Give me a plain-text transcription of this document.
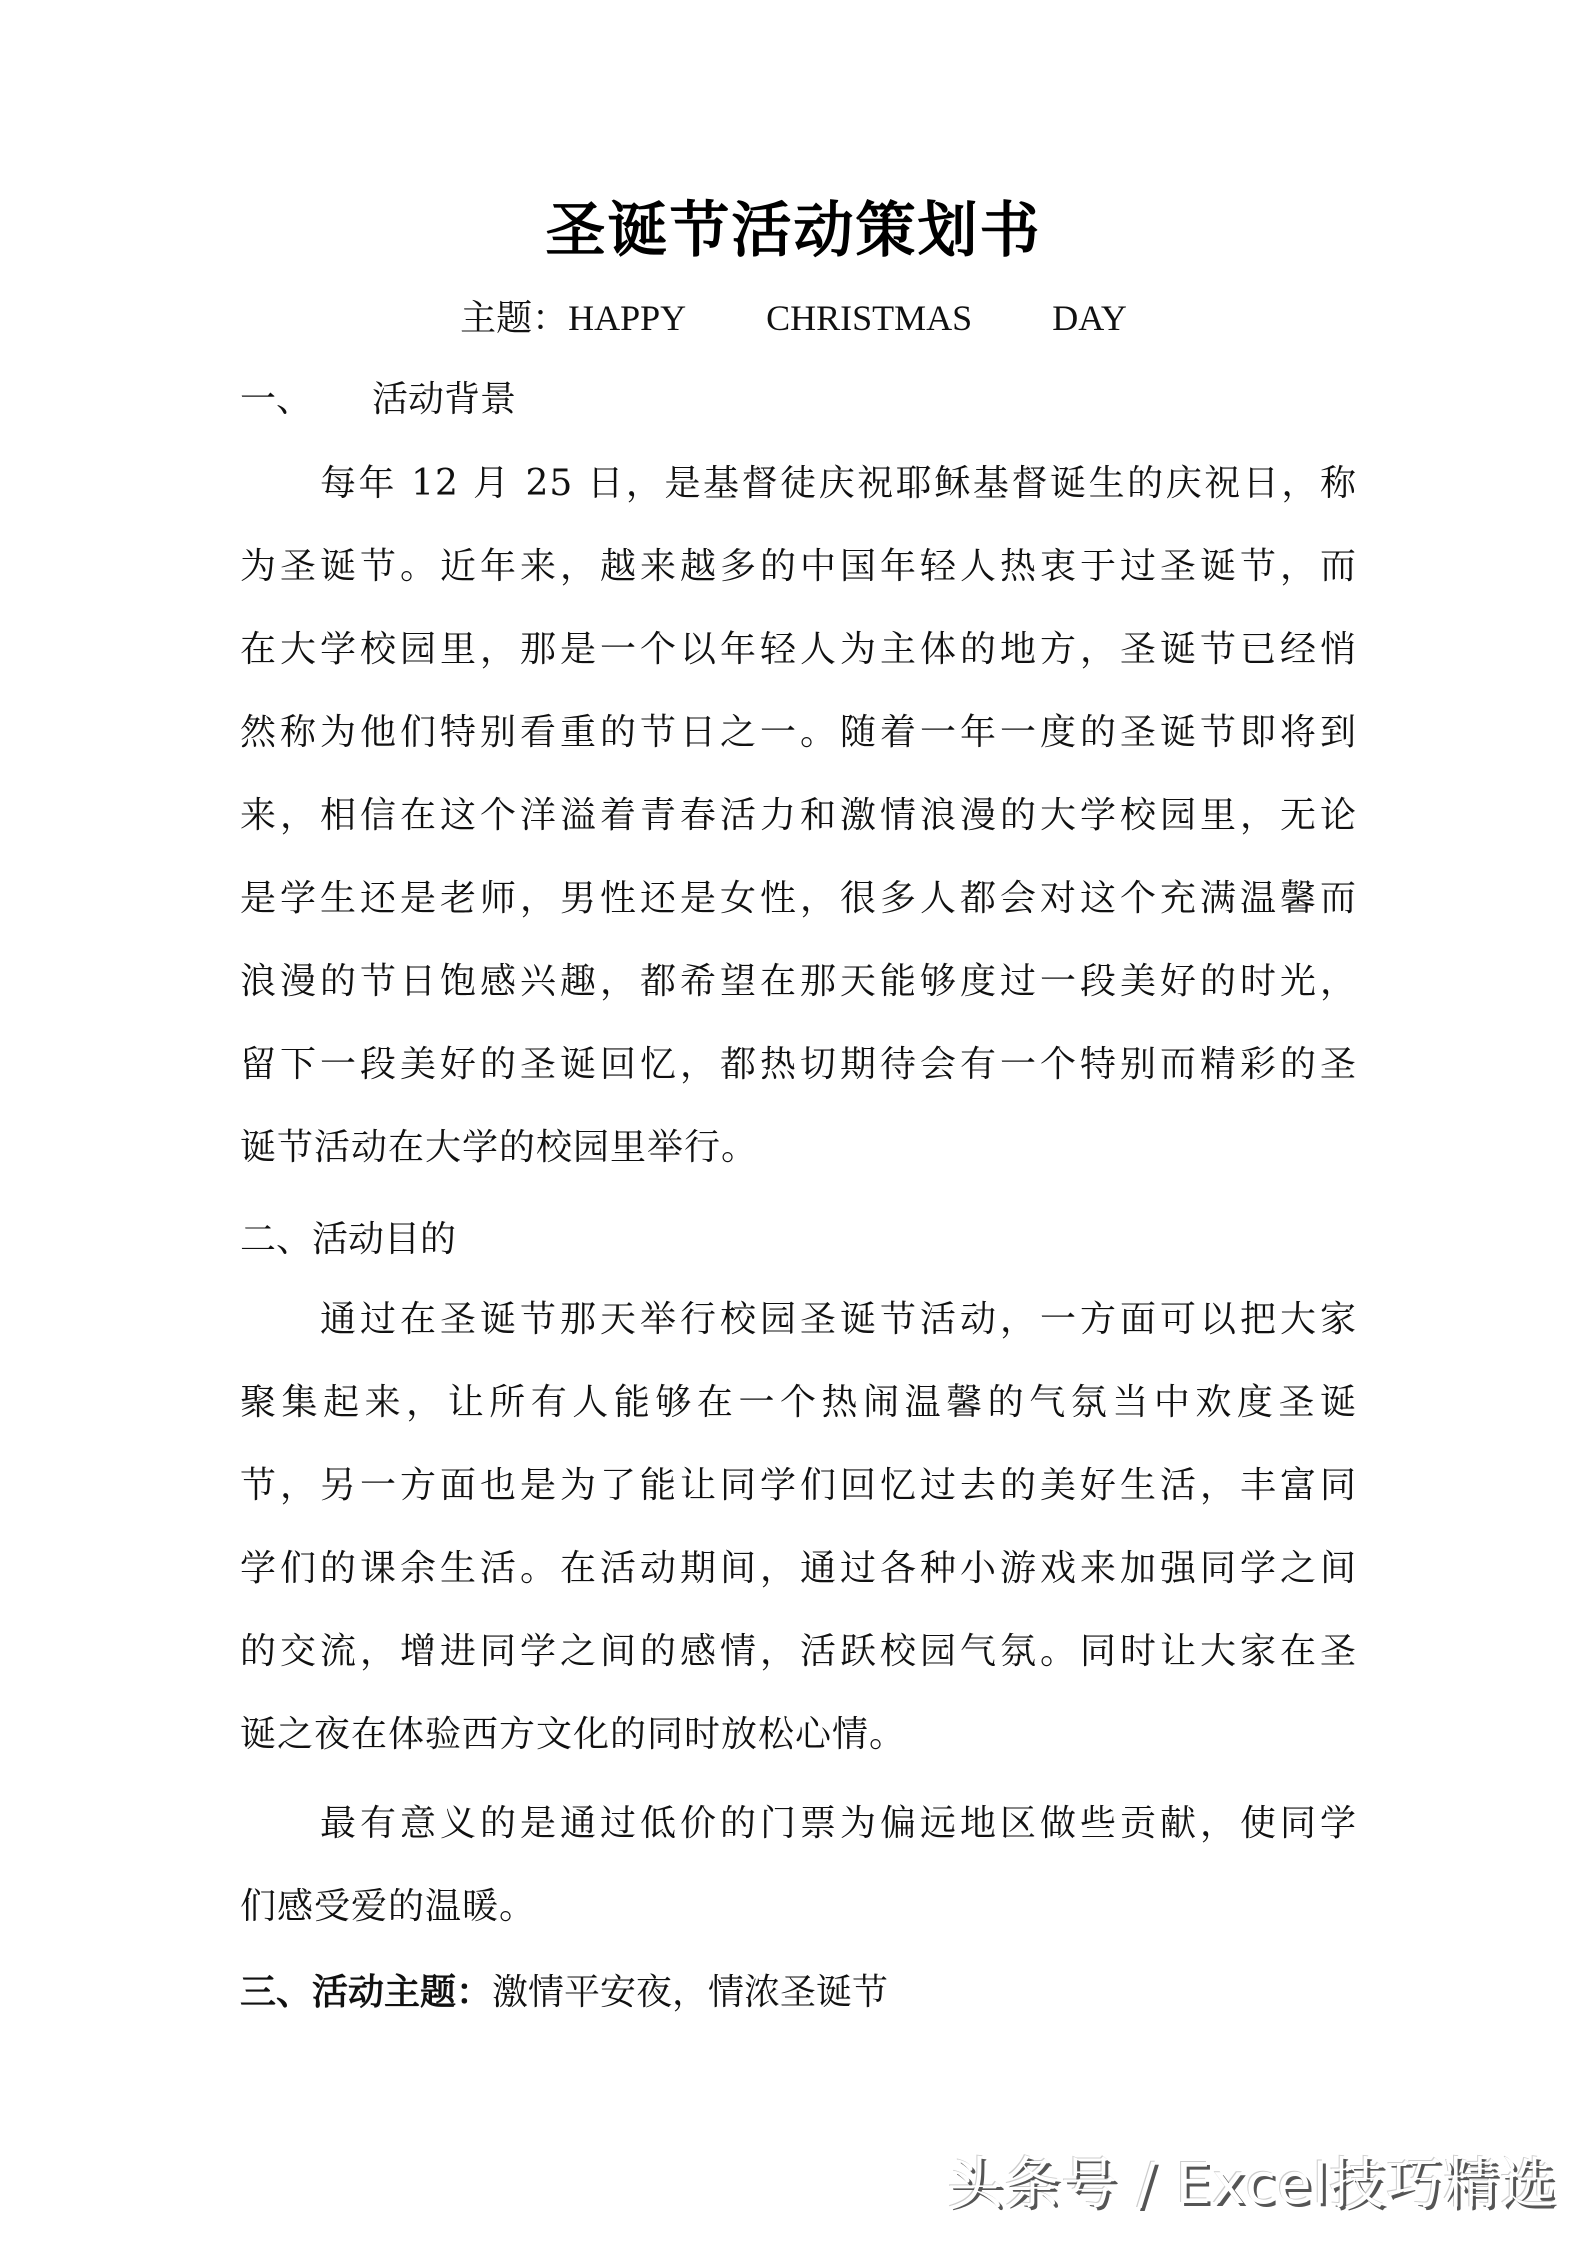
圣诞节活动策划书
主题：HAPPY CHRISTMAS DAY
一、 活动背景
每年 12 月 25 日，是基督徒庆祝耶稣基督诞生的庆祝日，称
为圣诞节。近年来，越来越多的中国年轻人热衷于过圣诞节，而
在大学校园里，那是一个以年轻人为主体的地方，圣诞节已经悄
然称为他们特别看重的节日之一。随着一年一度的圣诞节即将到
来，相信在这个洋溢着青春活力和激情浪漫的大学校园里，无论
是学生还是老师，男性还是女性，很多人都会对这个充满温馨而
浪漫的节日饱感兴趣，都希望在那天能够度过一段美好的时光，
留下一段美好的圣诞回忆，都热切期待会有一个特别而精彩的圣
诞节活动在大学的校园里举行。
二、活动目的
通过在圣诞节那天举行校园圣诞节活动，一方面可以把大家
聚集起来，让所有人能够在一个热闹温馨的气氛当中欢度圣诞
节，另一方面也是为了能让同学们回忆过去的美好生活，丰富同
学们的课余生活。在活动期间，通过各种小游戏来加强同学之间
的交流，增进同学之间的感情，活跃校园气氛。同时让大家在圣
诞之夜在体验西方文化的同时放松心情。
最有意义的是通过低价的门票为偏远地区做些贡献，使同学
们感受爱的温暖。
三、活动主题：激情平安夜，情浓圣诞节
头条号 / Excel技巧精选
